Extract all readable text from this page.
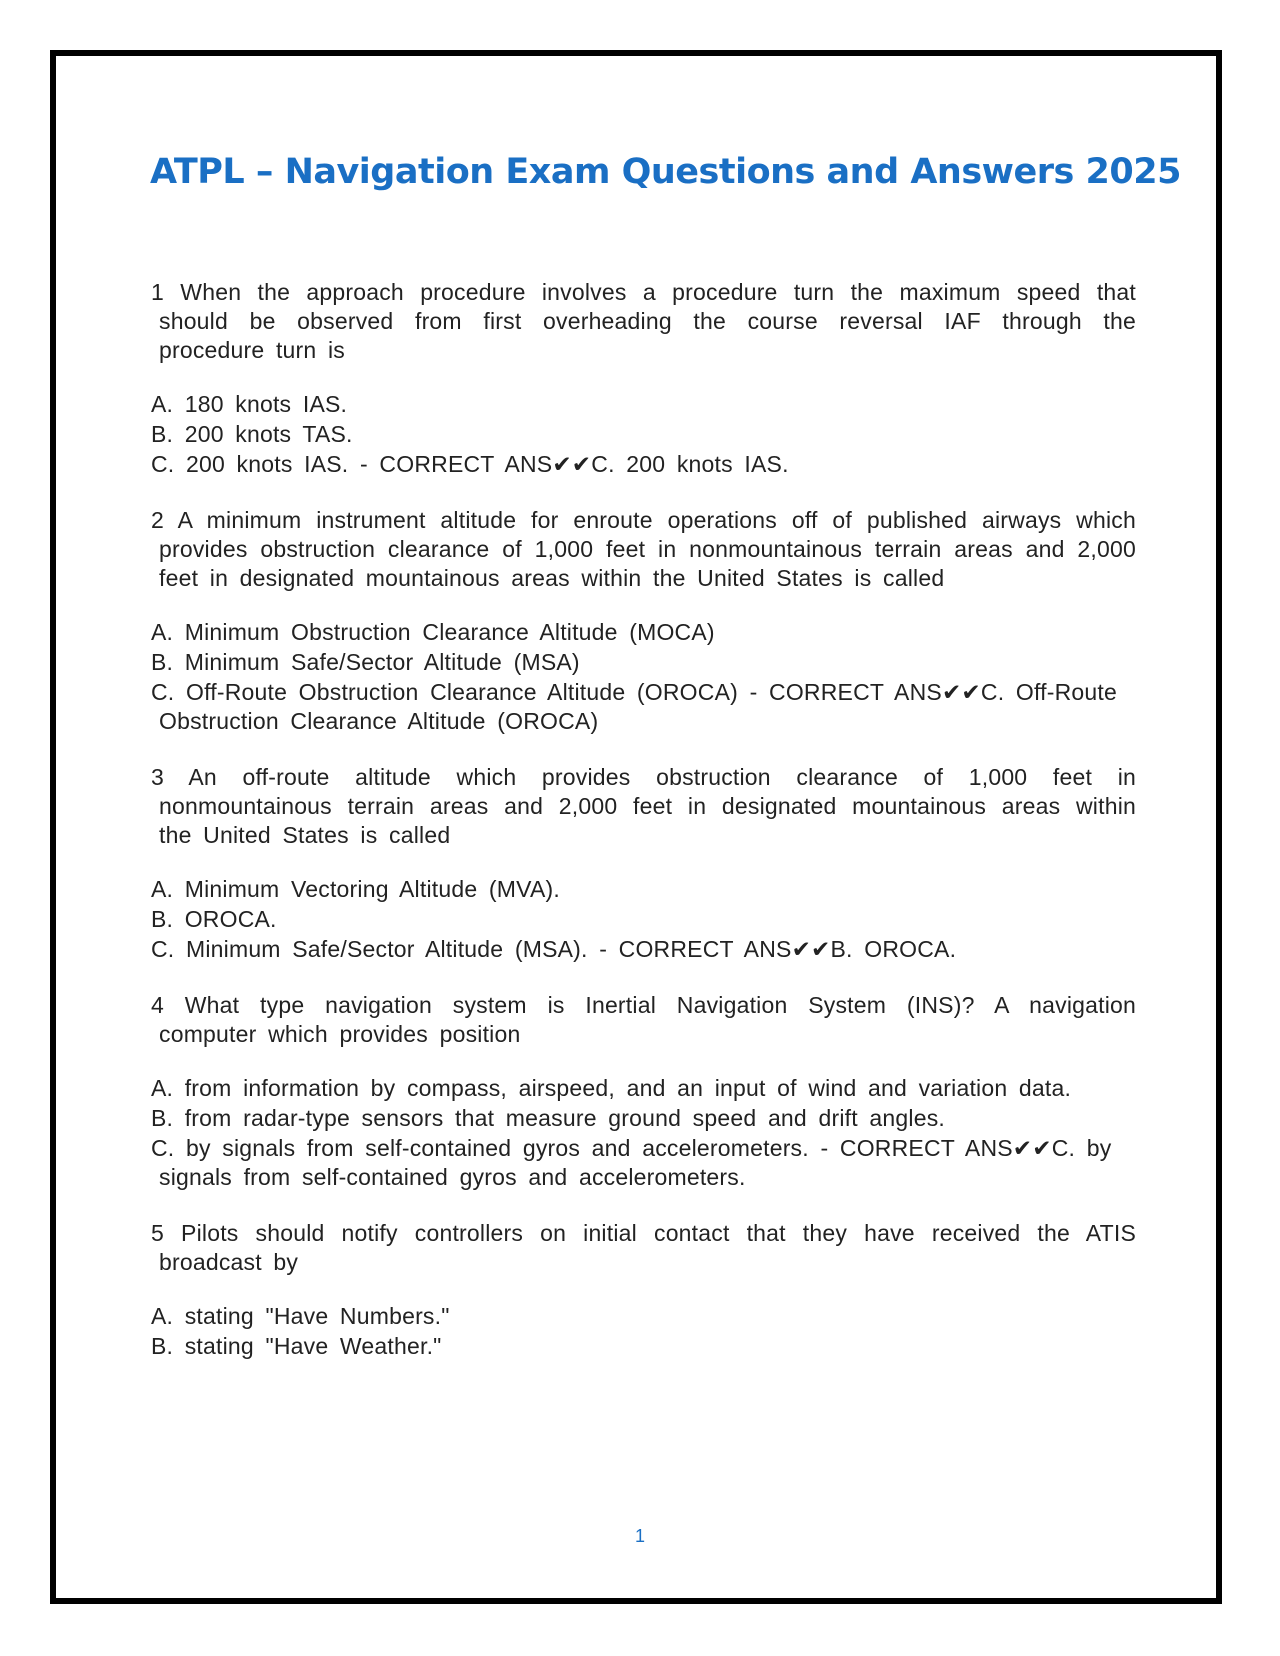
ATPL – Navigation Exam Questions and Answers 2025

1 When the approach procedure involves a procedure turn the maximum speed that should be observed from first overheading the course reversal IAF through the procedure turn is

A. 180 knots IAS.
B. 200 knots TAS.
C. 200 knots IAS. - CORRECT ANS✔✔C. 200 knots IAS.

2 A minimum instrument altitude for enroute operations off of published airways which provides obstruction clearance of 1,000 feet in nonmountainous terrain areas and 2,000 feet in designated mountainous areas within the United States is called

A. Minimum Obstruction Clearance Altitude (MOCA)
B. Minimum Safe/Sector Altitude (MSA)
C. Off-Route Obstruction Clearance Altitude (OROCA) - CORRECT ANS✔✔C. Off-Route Obstruction Clearance Altitude (OROCA)

3 An off-route altitude which provides obstruction clearance of 1,000 feet in nonmountainous terrain areas and 2,000 feet in designated mountainous areas within the United States is called

A. Minimum Vectoring Altitude (MVA).
B. OROCA.
C. Minimum Safe/Sector Altitude (MSA). - CORRECT ANS✔✔B. OROCA.

4 What type navigation system is Inertial Navigation System (INS)? A navigation computer which provides position

A. from information by compass, airspeed, and an input of wind and variation data.
B. from radar-type sensors that measure ground speed and drift angles.
C. by signals from self-contained gyros and accelerometers. - CORRECT ANS✔✔C. by signals from self-contained gyros and accelerometers.

5 Pilots should notify controllers on initial contact that they have received the ATIS broadcast by

A. stating "Have Numbers."
B. stating "Have Weather."
1
